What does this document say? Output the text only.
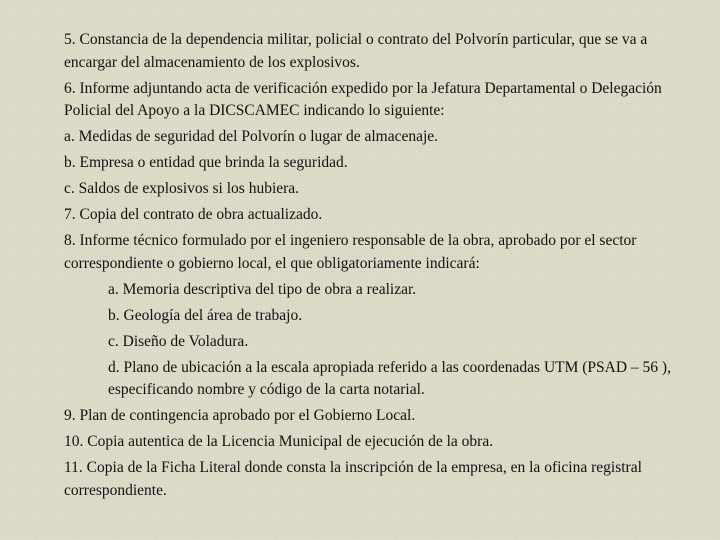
5. Constancia de la dependencia militar, policial o contrato del Polvorín particular, que se va a encargar del almacenamiento de los explosivos.
6. Informe adjuntando acta de verificación expedido por la Jefatura Departamental o Delegación Policial del Apoyo a la DICSCAMEC indicando lo siguiente:
a. Medidas de seguridad del Polvorín o lugar de almacenaje.
b. Empresa o entidad que brinda la seguridad.
c. Saldos de explosivos si los hubiera.
7. Copia del contrato de obra actualizado.
8. Informe técnico formulado por el ingeniero responsable de la obra, aprobado por el sector correspondiente o gobierno local, el que obligatoriamente indicará:
a. Memoria descriptiva del tipo de obra a realizar.
b. Geología del área de trabajo.
c. Diseño de Voladura.
d. Plano de ubicación a la escala apropiada referido a las coordenadas UTM (PSAD – 56 ), especificando nombre y código de la carta notarial.
9. Plan de contingencia aprobado por el Gobierno Local.
10. Copia autentica de la Licencia Municipal de ejecución de la obra.
11. Copia de la Ficha Literal donde consta la inscripción de la empresa, en la oficina registral correspondiente.
